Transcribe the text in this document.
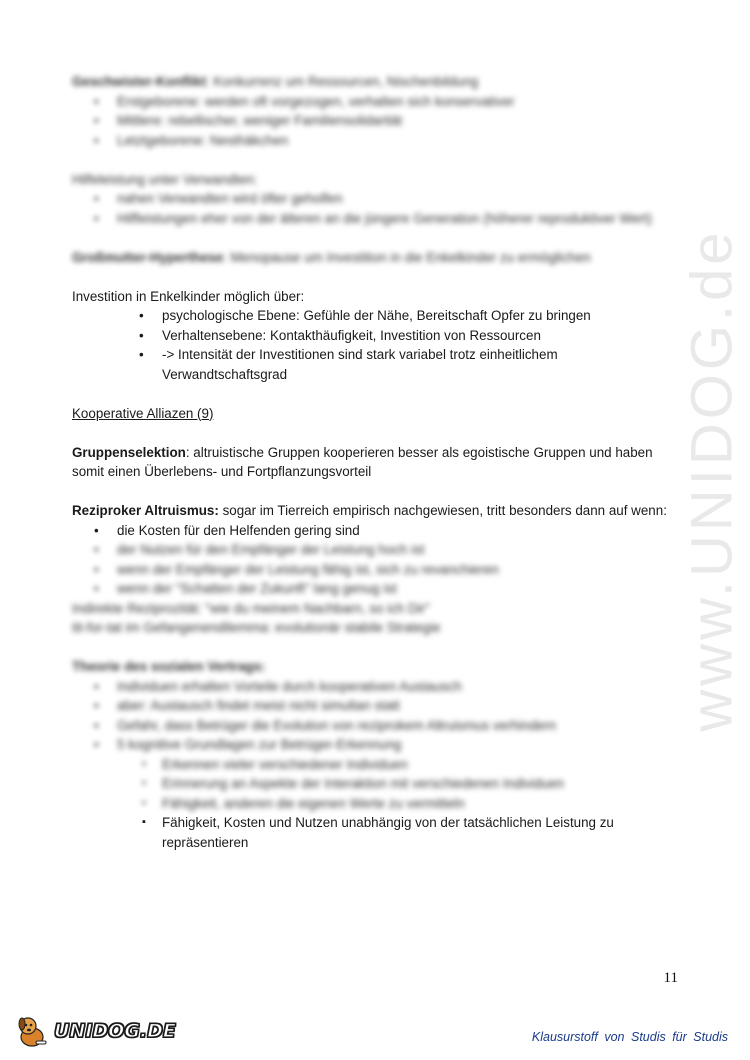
www.UNIDOG.de

Geschwister-Konflikt: Konkurrenz um Ressourcen, Nischenbildung

• Erstgeborene: werden oft vorgezogen, verhalten sich konservativer
• Mittlere: rebellischer, weniger Familiensolidarität
• Letztgeborene: Nesthäkchen

Hilfeleistung unter Verwandten:

• nahen Verwandten wird öfter geholfen
• Hilfleistungen eher von der älteren an die jüngere Generation (höherer reproduktiver Wert)

Großmutter-Hyperthese: Menopause um Investition in die Enkelkinder zu ermöglichen

Investition in Enkelkinder möglich über:

• psychologische Ebene: Gefühle der Nähe, Bereitschaft Opfer zu bringen
• Verhaltensebene: Kontakthäufigkeit, Investition von Ressourcen
• -> Intensität der Investitionen sind stark variabel trotz einheitlichem Verwandtschaftsgrad

Kooperative Alliazen (9)

Gruppenselektion: altruistische Gruppen kooperieren besser als egoistische Gruppen und haben somit einen Überlebens- und Fortpflanzungsvorteil

Reziproker Altruismus: sogar im Tierreich empirisch nachgewiesen, tritt besonders dann auf wenn:

• die Kosten für den Helfenden gering sind
• der Nutzen für den Empfänger der Leistung hoch ist
• wenn der Empfänger der Leistung fähig ist, sich zu revanchieren
• wenn der "Schatten der Zukunft" lang genug ist

Indirekte Reziprozität: "wie du meinem Nachbarn, so ich Dir"

tit-for-tat im Gefangenendilemma: evolutionär stabile Strategie

Theorie des sozialen Vertrags:

• Individuen erhalten Vorteile durch kooperativen Austausch
• aber: Austausch findet meist nicht simultan statt
• Gefahr, dass Betrüger die Evolution von reziprokem Altruismus verhindern
• 5 kognitive Grundlagen zur Betrüger-Erkennung
▪ Erkennen vieler verschiedener Individuen
▪ Erinnerung an Aspekte der Interaktion mit verschiedenen Individuen
▪ Fähigkeit, anderen die eigenen Werte zu vermitteln
▪ Fähigkeit, Kosten und Nutzen unabhängig von der tatsächlichen Leistung zu repräsentieren
11
UNIDOG.DE	Klausurstoff von Studis für Studis
